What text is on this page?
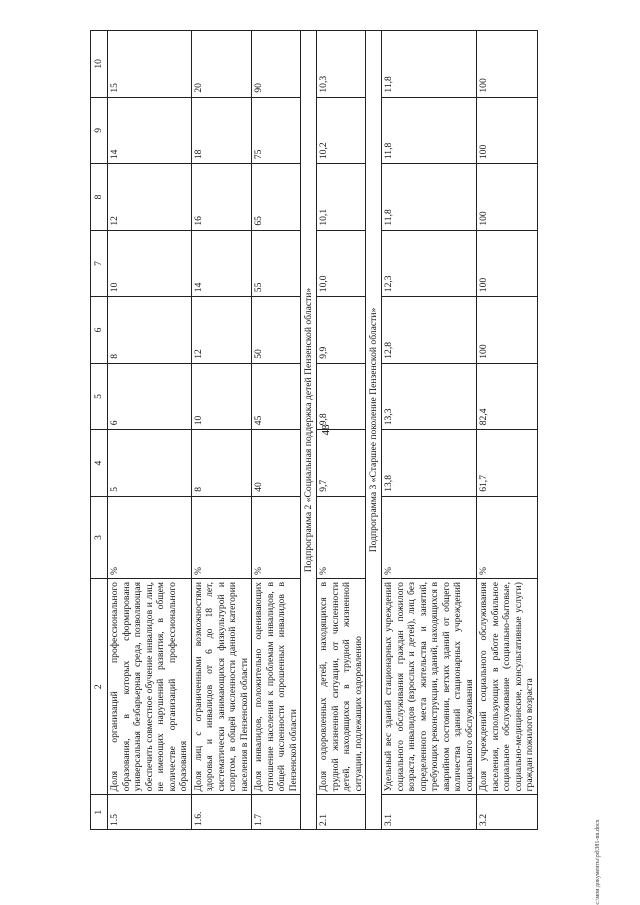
48
1	2	3	4	5	6	7	8	9	10
1.5	Доля организаций профессионального образования, в которых сформирована универсальная безбарьерная среда, позволяющая обеспечить совместное обучение инвалидов и лиц, не имеющих нарушений развития, в общем количестве организаций профессионального образования	%	5	6	8	10	12	14	15
1.6.	Доля лиц с ограниченными возможностями здоровья и инвалидов от 6 до 18 лет, систематически занимающихся физкультурой и спортом, в общей численности данной категории населения в Пензенской области	%	8	10	12	14	16	18	20
1.7	Доля инвалидов, положительно оценивающих отношение населения к проблемам инвалидов, в общей численности опрошенных инвалидов в Пензенской области	%	40	45	50	55	65	75	90
Подпрограмма 2 «Социальная поддержка детей Пензенской области»									
2.1	Доля оздоровленных детей, находящихся в трудной жизненной ситуации, от численности детей, находящихся в трудной жизненной ситуации, подлежащих оздоровлению	%	9,7	9,8	9,9	10,0	10,1	10,2	10,3
Подпрограмма 3 «Старшее поколение Пензенской области»									
3.1	Удельный вес зданий стационарных учреждений социального обслуживания граждан пожилого возраста, инвалидов (взрослых и детей), лиц без определенного места жительства и занятий, требующих реконструкции, зданий, находящихся в аварийном состоянии, ветхих зданий от общего количества зданий стационарных учреждений социального обслуживания	%	13,8	13,3	12,8	12,3	11,8	11,8	11,8
3.2	Доля учреждений социального обслуживания населения, использующих в работе мобильное социальное обслуживание (социально-бытовые, социально-медицинские, консультативные услуги) граждан пожилого возраста	%	61,7	82,4	100	100	100	100	100
c:\мои документы\pd\381-nn.docx
